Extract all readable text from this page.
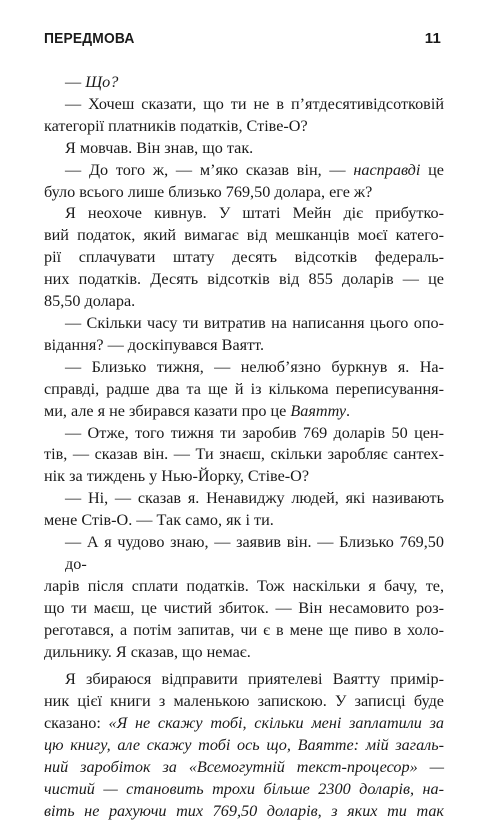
ПЕРЕДМОВА	11
— Що?
— Хочеш сказати, що ти не в п’ятдесятивідсотковій
категорії платників податків, Стіве-О?
Я мовчав. Він знав, що так.
— До того ж, — м’яко сказав він, — насправді це
було всього лише близько 769,50 долара, еге ж?
Я неохоче кивнув. У штаті Мейн діє прибутко-
вий податок, який вимагає від мешканців моєї катего-
рії сплачувати штату десять відсотків федераль-
них податків. Десять відсотків від 855 доларів — це
85,50 долара.
— Скільки часу ти витратив на написання цього опо-
відання? — доскіпувався Ваятт.
— Близько тижня, — нелюб’язно буркнув я. На-
справді, радше два та ще й із кількома переписування-
ми, але я не збирався казати про це Ваятту.
— Отже, того тижня ти заробив 769 доларів 50 цен-
тів, — сказав він. — Ти знаєш, скільки заробляє сантех-
нік за тиждень у Нью-Йорку, Стіве-О?
— Ні, — сказав я. Ненавиджу людей, які називають
мене Стів-О. — Так само, як і ти.
— А я чудово знаю, — заявив він. — Близько 769,50 до-
ларів після сплати податків. Тож наскільки я бачу, те,
що ти маєш, це чистий збиток. — Він несамовито роз-
реготався, а потім запитав, чи є в мене ще пиво в холо-
дильнику. Я сказав, що немає.
Я збираюся відправити приятелеві Ваятту примір-
ник цієї книги з маленькою запискою. У записці буде
сказано: «Я не скажу тобі, скільки мені заплатили за
цю книгу, але скажу тобі ось що, Ваятте: мій загаль-
ний заробіток за «Всемогутній текст-процесор» —
чистий — становить трохи більше 2300 доларів, на-
віть не рахуючи тих 769,50 доларів, з яких ти так
